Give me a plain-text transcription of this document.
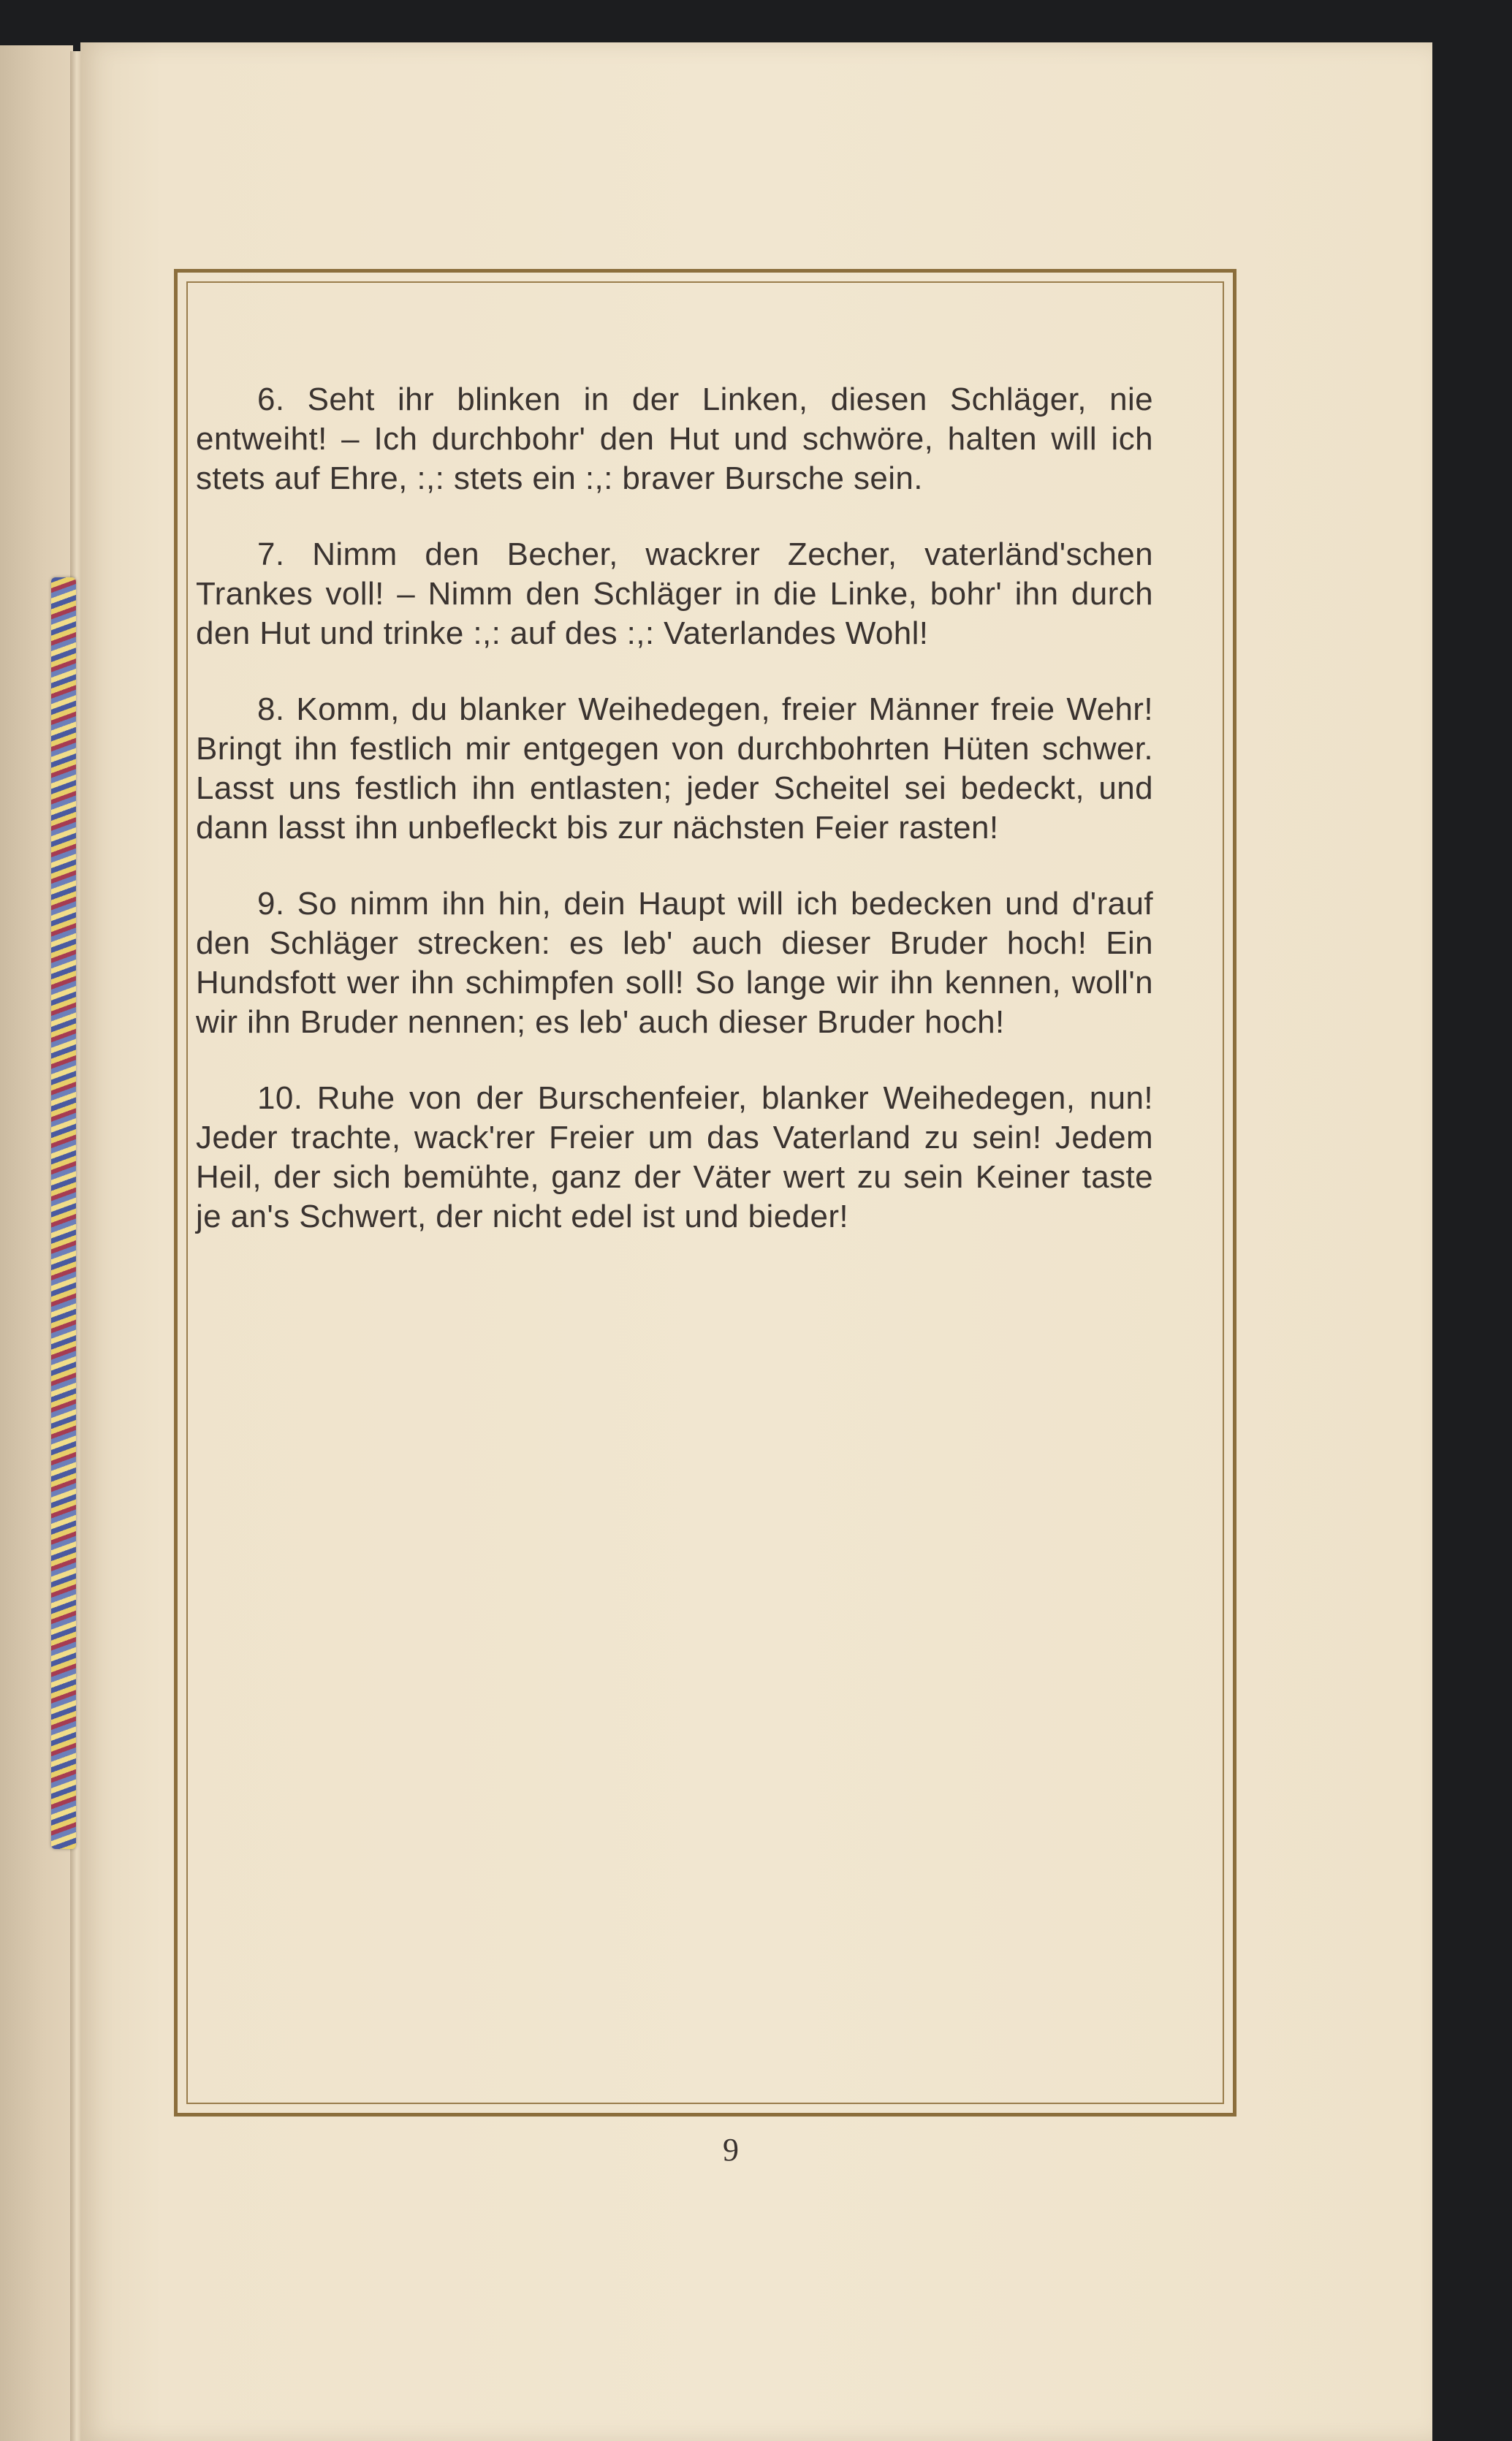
6. Seht ihr blinken in der Linken, diesen Schläger, nie entweiht! – Ich durchbohr' den Hut und schwöre, halten will ich stets auf Ehre, :,: stets ein :,: braver Bursche sein.

7. Nimm den Becher, wackrer Zecher, vaterländ'schen Trankes voll! – Nimm den Schläger in die Linke, bohr' ihn durch den Hut und trinke :,: auf des :,: Vaterlandes Wohl!

8. Komm, du blanker Weihedegen, freier Männer freie Wehr! Bringt ihn festlich mir entgegen von durchbohrten Hüten schwer. Lasst uns festlich ihn entlasten; jeder Scheitel sei bedeckt, und dann lasst ihn unbefleckt bis zur nächsten Feier rasten!

9. So nimm ihn hin, dein Haupt will ich bedecken und d'rauf den Schläger strecken: es leb' auch dieser Bruder hoch! Ein Hundsfott wer ihn schimpfen soll! So lange wir ihn kennen, woll'n wir ihn Bruder nennen; es leb' auch dieser Bruder hoch!

10. Ruhe von der Burschenfeier, blanker Weihedegen, nun! Jeder trachte, wack'rer Freier um das Vaterland zu sein! Jedem Heil, der sich bemühte, ganz der Väter wert zu sein Keiner taste je an's Schwert, der nicht edel ist und bieder!

9
